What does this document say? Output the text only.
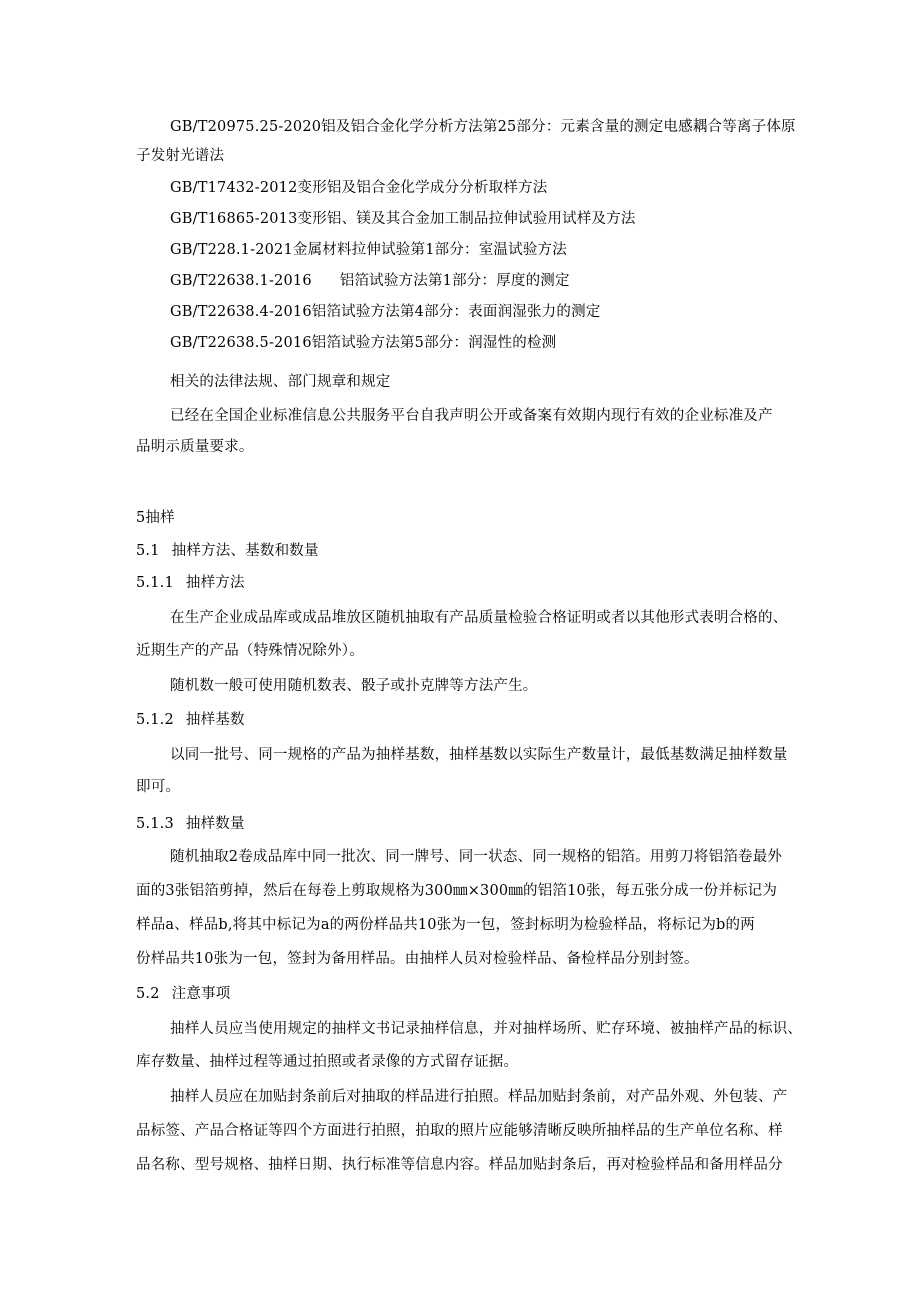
GB/T20975.25-2020铝及铝合金化学分析方法第25部分：元素含量的测定电感耦合等离子体原
子发射光谱法
GB/T17432-2012变形铝及铝合金化学成分分析取样方法
GB/T16865-2013变形铝、镁及其合金加工制品拉伸试验用试样及方法
GB/T228.1-2021金属材料拉伸试验第1部分：室温试验方法
GB/T22638.1-2016 铝箔试验方法第1部分：厚度的测定
GB/T22638.4-2016铝箔试验方法第4部分：表面润湿张力的测定
GB/T22638.5-2016铝箔试验方法第5部分：润湿性的检测
相关的法律法规、部门规章和规定
已经在全国企业标准信息公共服务平台自我声明公开或备案有效期内现行有效的企业标准及产
品明示质量要求。
5抽样
5.1 抽样方法、基数和数量
5.1.1 抽样方法
在生产企业成品库或成品堆放区随机抽取有产品质量检验合格证明或者以其他形式表明合格的、
近期生产的产品（特殊情况除外）。
随机数一般可使用随机数表、骰子或扑克牌等方法产生。
5.1.2 抽样基数
以同一批号、同一规格的产品为抽样基数，抽样基数以实际生产数量计，最低基数满足抽样数量
即可。
5.1.3 抽样数量
随机抽取2卷成品库中同一批次、同一牌号、同一状态、同一规格的铝箔。用剪刀将铝箔卷最外
面的3张铝箔剪掉，然后在每卷上剪取规格为300㎜×300㎜的铝箔10张，每五张分成一份并标记为
样品a、样品b,将其中标记为a的两份样品共10张为一包，签封标明为检验样品，将标记为b的两
份样品共10张为一包，签封为备用样品。由抽样人员对检验样品、备检样品分别封签。
5.2 注意事项
抽样人员应当使用规定的抽样文书记录抽样信息，并对抽样场所、贮存环境、被抽样产品的标识、
库存数量、抽样过程等通过拍照或者录像的方式留存证据。
抽样人员应在加贴封条前后对抽取的样品进行拍照。样品加贴封条前，对产品外观、外包装、产
品标签、产品合格证等四个方面进行拍照，拍取的照片应能够清晰反映所抽样品的生产单位名称、样
品名称、型号规格、抽样日期、执行标准等信息内容。样品加贴封条后，再对检验样品和备用样品分
